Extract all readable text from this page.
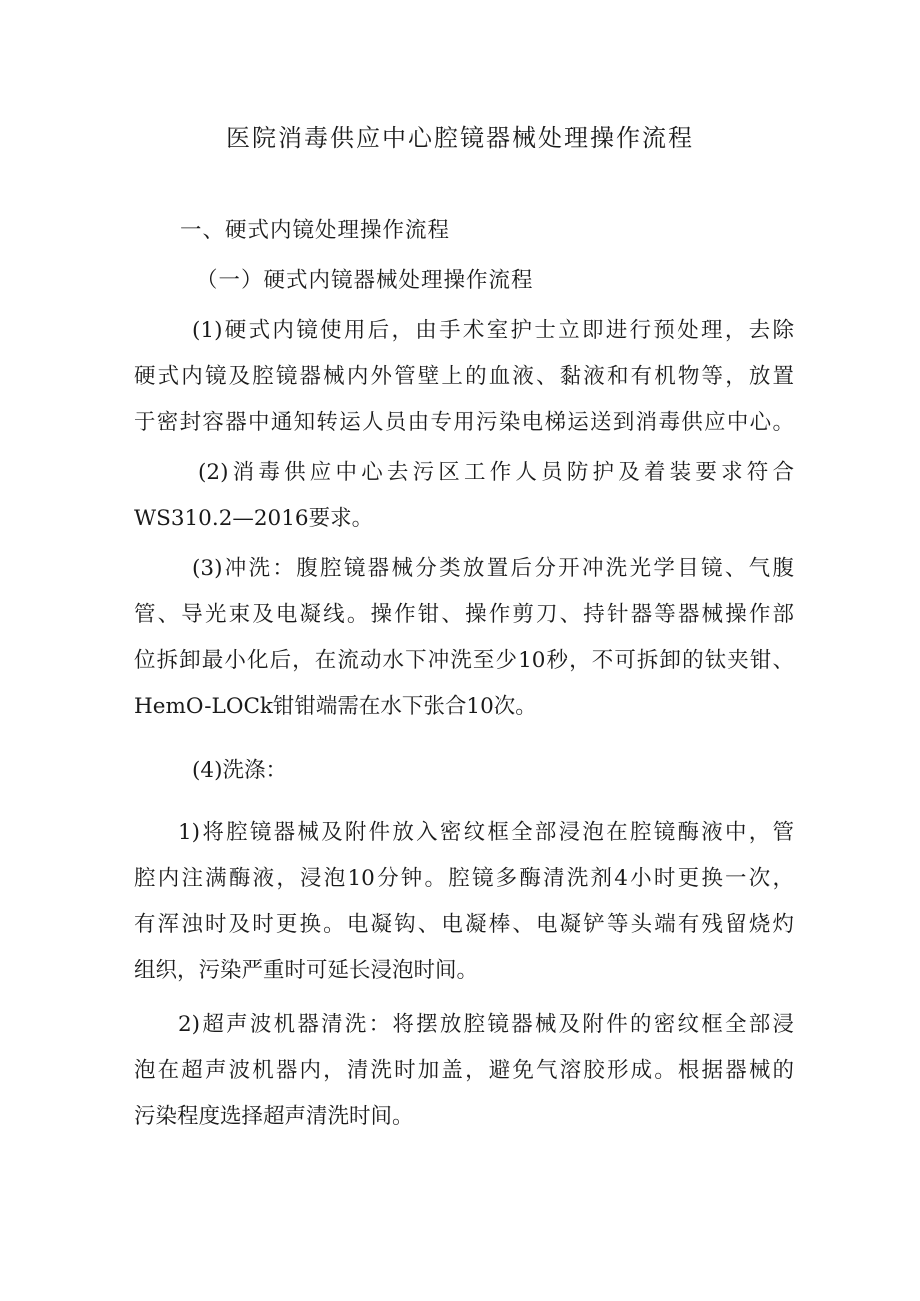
医院消毒供应中心腔镜器械处理操作流程

一、硬式内镜处理操作流程

（一）硬式内镜器械处理操作流程

(1)硬式内镜使用后，由手术室护士立即进行预处理，去除

硬式内镜及腔镜器械内外管壁上的血液、黏液和有机物等，放置

于密封容器中通知转运人员由专用污染电梯运送到消毒供应中心。

(2)消毒供应中心去污区工作人员防护及着装要求符合

WS310.2—2016要求。

(3)冲洗：腹腔镜器械分类放置后分开冲洗光学目镜、气腹

管、导光束及电凝线。操作钳、操作剪刀、持针器等器械操作部

位拆卸最小化后，在流动水下冲洗至少10秒，不可拆卸的钛夹钳、

HemO-LOCk钳钳端需在水下张合10次。

(4)洗涤：

1)将腔镜器械及附件放入密纹框全部浸泡在腔镜酶液中，管

腔内注满酶液，浸泡10分钟。腔镜多酶清洗剂4小时更换一次，

有浑浊时及时更换。电凝钩、电凝棒、电凝铲等头端有残留烧灼

组织，污染严重时可延长浸泡时间。

2)超声波机器清洗：将摆放腔镜器械及附件的密纹框全部浸

泡在超声波机器内，清洗时加盖，避免气溶胶形成。根据器械的

污染程度选择超声清洗时间。
